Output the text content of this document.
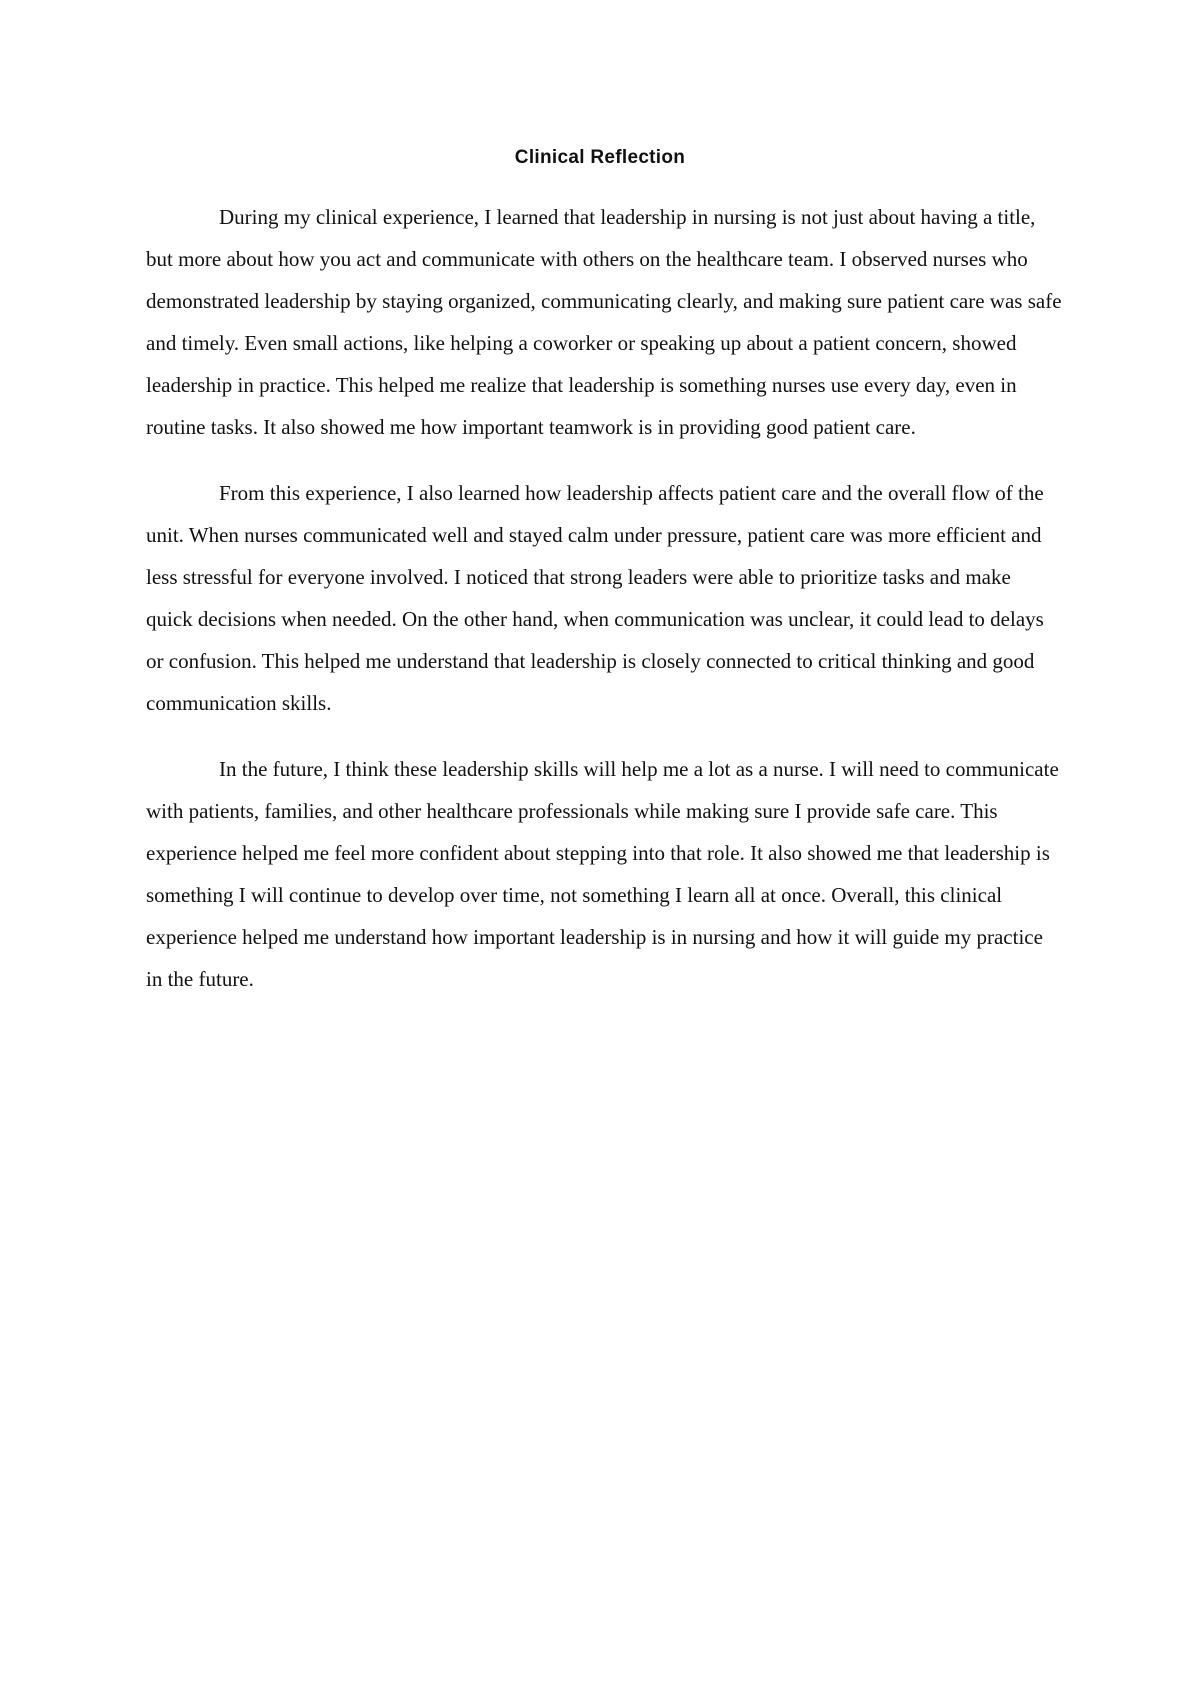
Clinical Reflection

During my clinical experience, I learned that leadership in nursing is not just about having a title, but more about how you act and communicate with others on the healthcare team. I observed nurses who demonstrated leadership by staying organized, communicating clearly, and making sure patient care was safe and timely. Even small actions, like helping a coworker or speaking up about a patient concern, showed leadership in practice. This helped me realize that leadership is something nurses use every day, even in routine tasks. It also showed me how important teamwork is in providing good patient care.

From this experience, I also learned how leadership affects patient care and the overall flow of the unit. When nurses communicated well and stayed calm under pressure, patient care was more efficient and less stressful for everyone involved. I noticed that strong leaders were able to prioritize tasks and make quick decisions when needed. On the other hand, when communication was unclear, it could lead to delays or confusion. This helped me understand that leadership is closely connected to critical thinking and good communication skills.

In the future, I think these leadership skills will help me a lot as a nurse. I will need to communicate with patients, families, and other healthcare professionals while making sure I provide safe care. This experience helped me feel more confident about stepping into that role. It also showed me that leadership is something I will continue to develop over time, not something I learn all at once. Overall, this clinical experience helped me understand how important leadership is in nursing and how it will guide my practice in the future.
